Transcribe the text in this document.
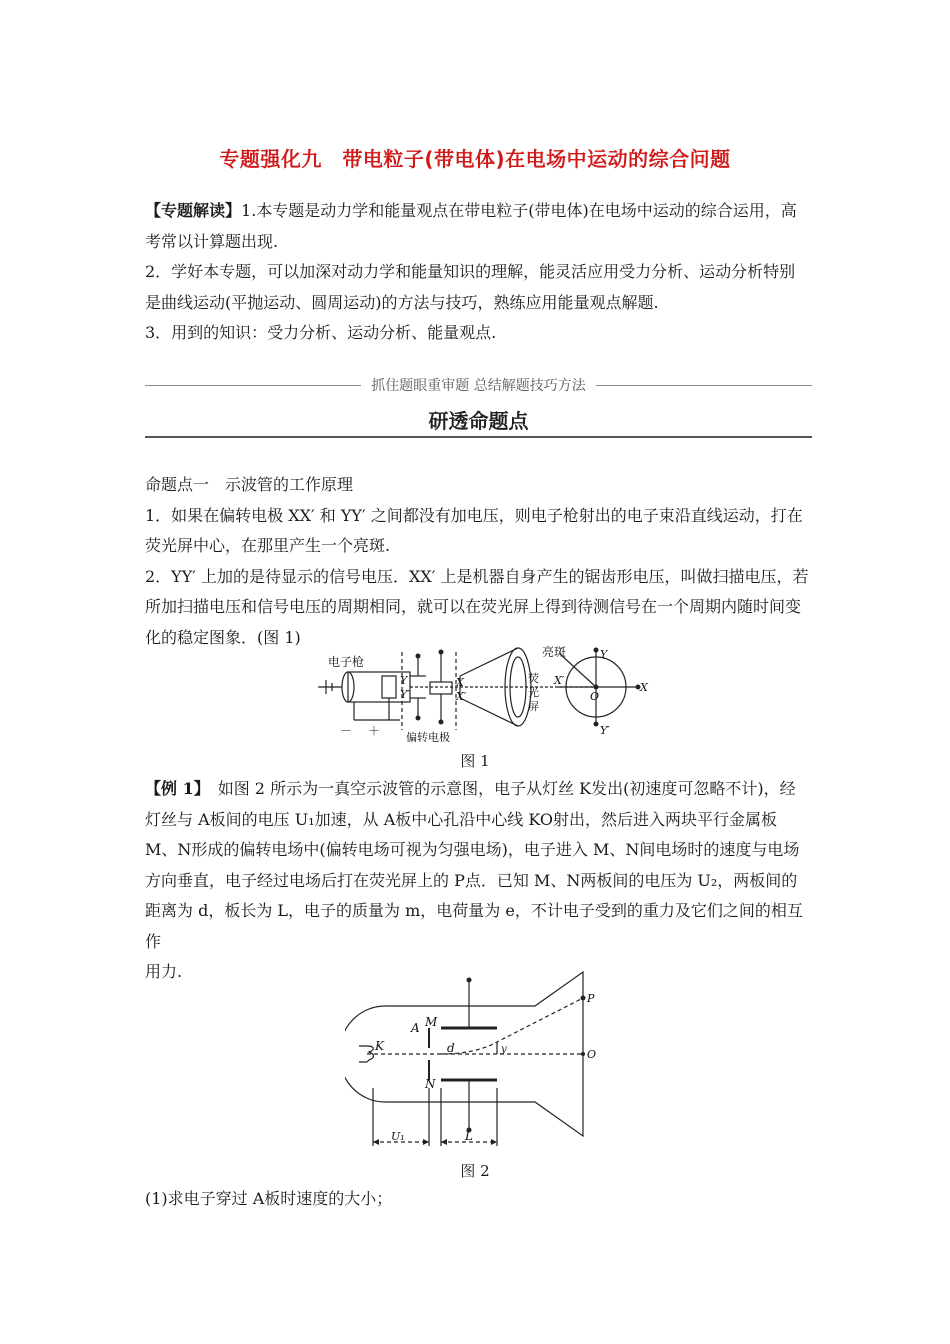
专题强化九　带电粒子(带电体)在电场中运动的综合问题

【专题解读】1.本专题是动力学和能量观点在带电粒子(带电体)在电场中运动的综合运用，高考常以计算题出现.

2．学好本专题，可以加深对动力学和能量知识的理解，能灵活应用受力分析、运动分析特别是曲线运动(平抛运动、圆周运动)的方法与技巧，熟练应用能量观点解题.

3．用到的知识：受力分析、运动分析、能量观点.

抓住题眼重审题 总结解题技巧方法
研透命题点

命题点一　示波管的工作原理

1．如果在偏转电极 XX′ 和 YY′ 之间都没有加电压，则电子枪射出的电子束沿直线运动，打在荧光屏中心，在那里产生一个亮斑.

2．YY′ 上加的是待显示的信号电压．XX′ 上是机器自身产生的锯齿形电压，叫做扫描电压，若所加扫描电压和信号电压的周期相同，就可以在荧光屏上得到待测信号在一个周期内随时间变化的稳定图象．(图 1)

电子枪
－ ＋ 偏转电极
亮斑
荧
光
屏
Y
Y′
X
X′
Y
Y′
X
X′
O
图 1

【例 1】　如图 2 所示为一真空示波管的示意图，电子从灯丝 K发出(初速度可忽略不计)，经灯丝与 A板间的电压 U₁加速，从 A板中心孔沿中心线 KO射出，然后进入两块平行金属板 M、N形成的偏转电场中(偏转电场可视为匀强电场)，电子进入 M、N间电场时的速度与电场方向垂直，电子经过电场后打在荧光屏上的 P点．已知 M、N两板间的电压为 U₂，两板间的距离为 d，板长为 L，电子的质量为 m，电荷量为 e，不计电子受到的重力及它们之间的相互作

用力.

K
A M
N
d	y
P
O
U₁	L
图 2
(1)求电子穿过 A板时速度的大小；
